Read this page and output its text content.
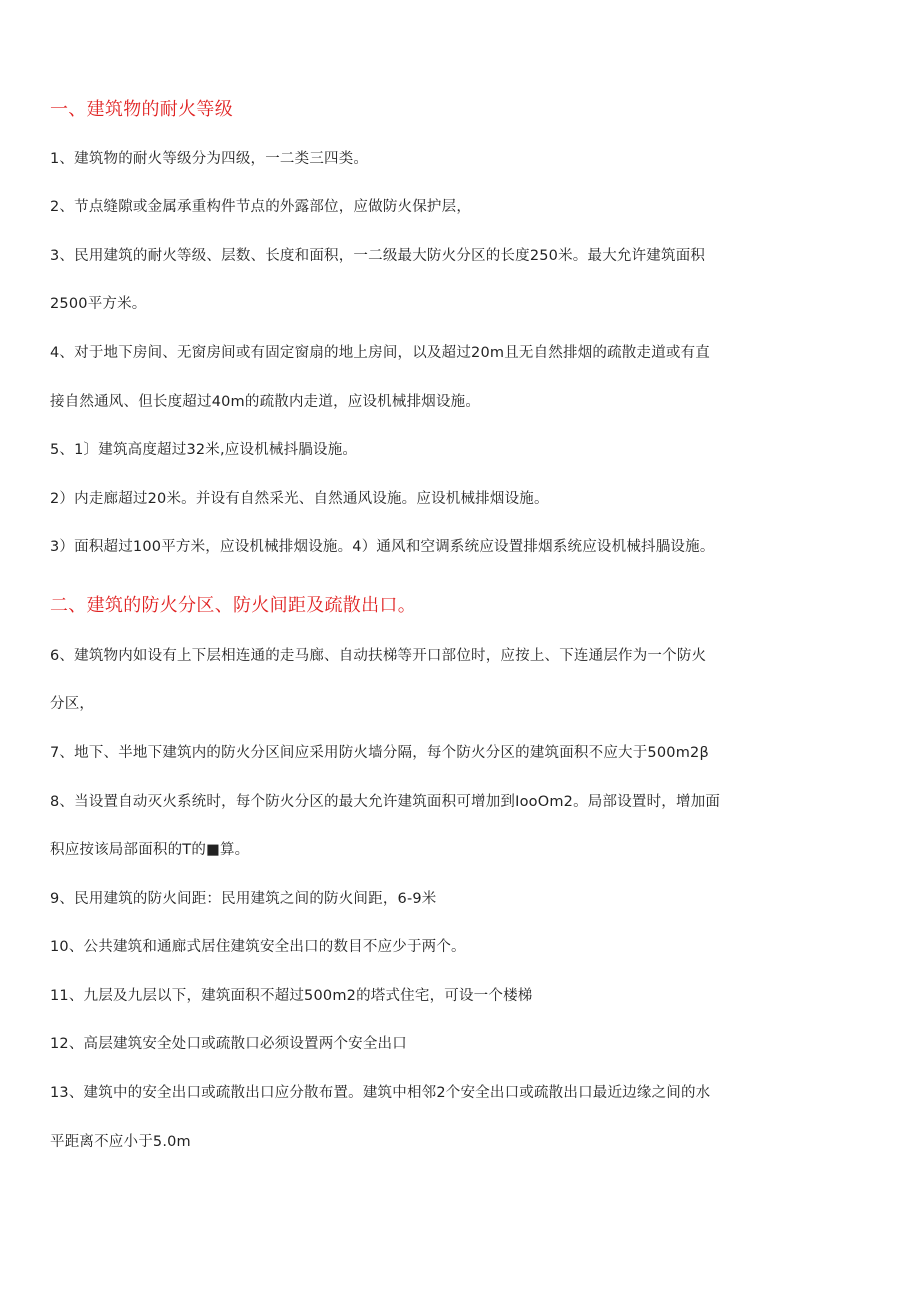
一、建筑物的耐火等级
1、建筑物的耐火等级分为四级，一二类三四类。
2、节点缝隙或金属承重构件节点的外露部位，应做防火保护层，
3、民用建筑的耐火等级、层数、长度和面积，一二级最大防火分区的长度250米。最大允许建筑面积
2500平方米。
4、对于地下房间、无窗房间或有固定窗扇的地上房间，以及超过20m且无自然排烟的疏散走道或有直
接自然通风、但长度超过40m的疏散内走道，应设机械排烟设施。
5、1〕建筑高度超过32米,应设机械抖腡设施。
2）内走廊超过20米。并设有自然采光、自然通风设施。应设机械排烟设施。
3）面积超过100平方米，应设机械排烟设施。4）通风和空调系统应设置排烟系统应设机械抖腡设施。
二、建筑的防火分区、防火间距及疏散出口。
6、建筑物内如设有上下层相连通的走马廊、自动扶梯等开口部位时，应按上、下连通层作为一个防火
分区，
7、地下、半地下建筑内的防火分区间应采用防火墙分隔，每个防火分区的建筑面积不应大于500m2β
8、当设置自动灭火系统时，每个防火分区的最大允许建筑面积可增加到IooOm2。局部设置时，增加面
积应按该局部面积的T的■算。
9、民用建筑的防火间距：民用建筑之间的防火间距，6-9米
10、公共建筑和通廊式居住建筑安全出口的数目不应少于两个。
11、九层及九层以下，建筑面积不超过500m2的塔式住宅，可设一个楼梯
12、高层建筑安全处口或疏散口必须设置两个安全出口
13、建筑中的安全出口或疏散出口应分散布置。建筑中相邻2个安全出口或疏散出口最近边缘之间的水
平距离不应小于5.0m
